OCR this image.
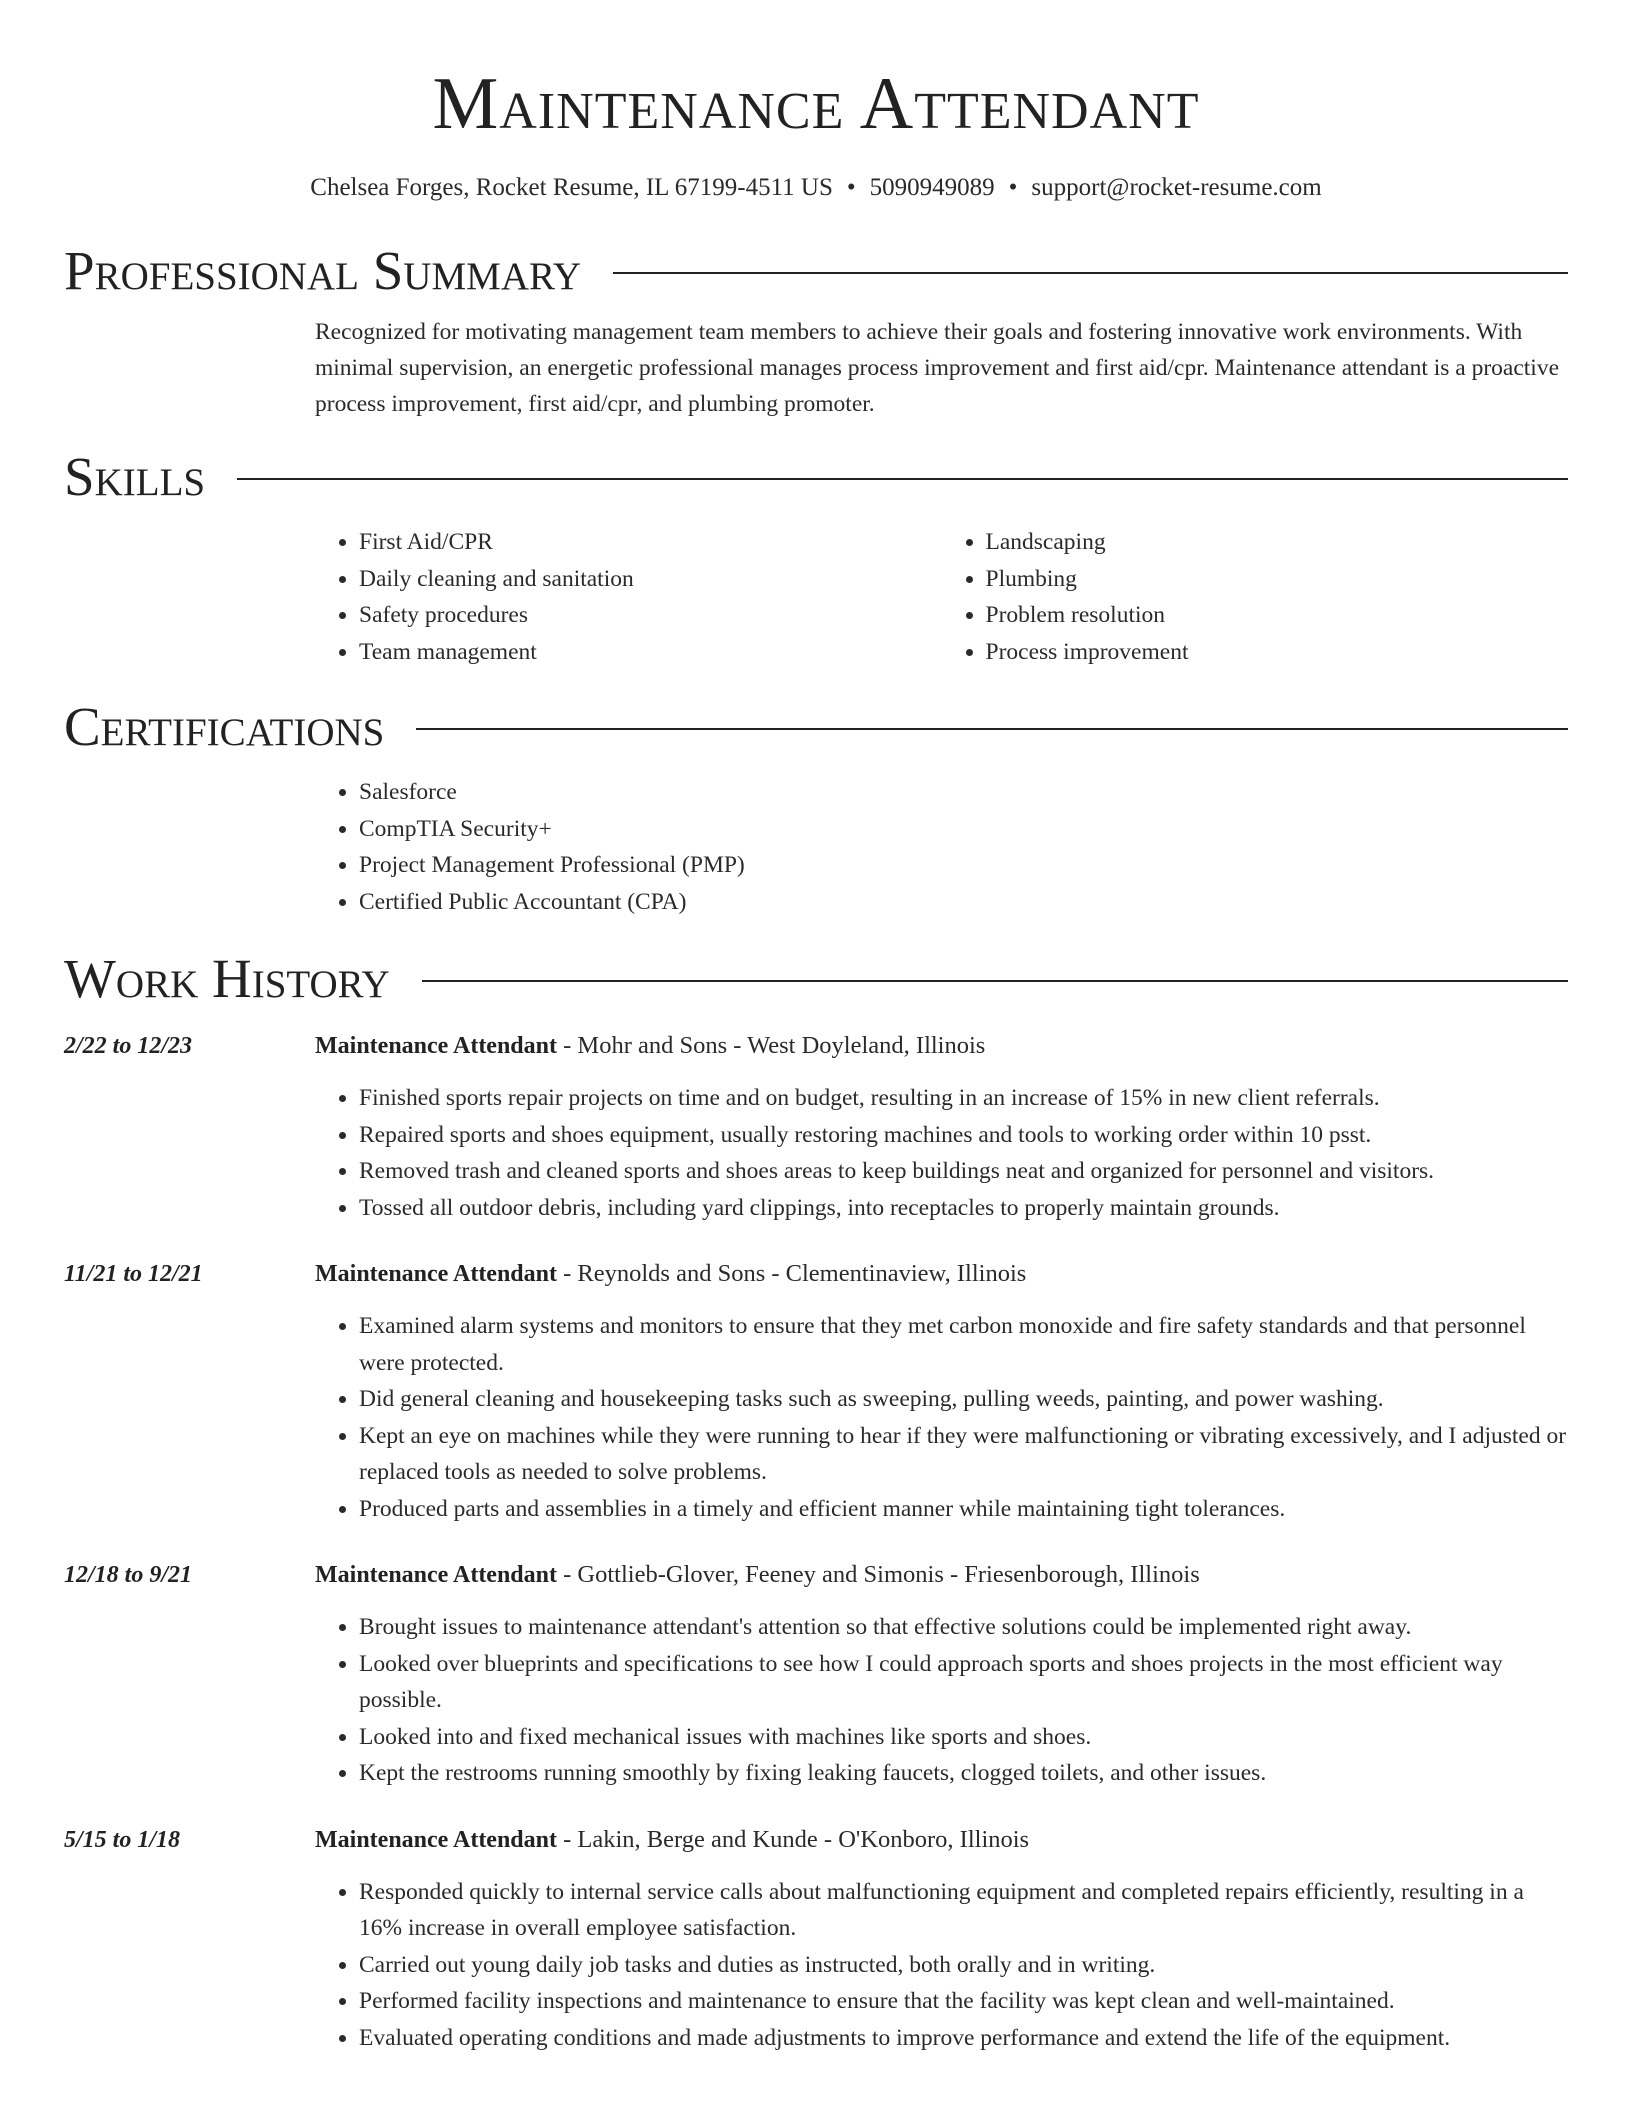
Maintenance Attendant
Chelsea Forges, Rocket Resume, IL 67199-4511 US • 5090949089 • support@rocket-resume.com
Professional Summary

Recognized for motivating management team members to achieve their goals and fostering innovative work environments. With minimal supervision, an energetic professional manages process improvement and first aid/cpr. Maintenance attendant is a proactive process improvement, first aid/cpr, and plumbing promoter.

Skills
• First Aid/CPR
• Daily cleaning and sanitation
• Safety procedures
• Team management
• Landscaping
• Plumbing
• Problem resolution
• Process improvement
Certifications
• Salesforce
• CompTIA Security+
• Project Management Professional (PMP)
• Certified Public Accountant (CPA)
Work History
2/22 to 12/23	Maintenance Attendant - Mohr and Sons - West Doyleland, Illinois
• Finished sports repair projects on time and on budget, resulting in an increase of 15% in new client referrals.
• Repaired sports and shoes equipment, usually restoring machines and tools to working order within 10 psst.
• Removed trash and cleaned sports and shoes areas to keep buildings neat and organized for personnel and visitors.
• Tossed all outdoor debris, including yard clippings, into receptacles to properly maintain grounds.
11/21 to 12/21	Maintenance Attendant - Reynolds and Sons - Clementinaview, Illinois
• Examined alarm systems and monitors to ensure that they met carbon monoxide and fire safety standards and that personnel were protected.
• Did general cleaning and housekeeping tasks such as sweeping, pulling weeds, painting, and power washing.
• Kept an eye on machines while they were running to hear if they were malfunctioning or vibrating excessively, and I adjusted or replaced tools as needed to solve problems.
• Produced parts and assemblies in a timely and efficient manner while maintaining tight tolerances.
12/18 to 9/21	Maintenance Attendant - Gottlieb-Glover, Feeney and Simonis - Friesenborough, Illinois
• Brought issues to maintenance attendant's attention so that effective solutions could be implemented right away.
• Looked over blueprints and specifications to see how I could approach sports and shoes projects in the most efficient way possible.
• Looked into and fixed mechanical issues with machines like sports and shoes.
• Kept the restrooms running smoothly by fixing leaking faucets, clogged toilets, and other issues.
5/15 to 1/18	Maintenance Attendant - Lakin, Berge and Kunde - O'Konboro, Illinois
• Responded quickly to internal service calls about malfunctioning equipment and completed repairs efficiently, resulting in a 16% increase in overall employee satisfaction.
• Carried out young daily job tasks and duties as instructed, both orally and in writing.
• Performed facility inspections and maintenance to ensure that the facility was kept clean and well-maintained.
• Evaluated operating conditions and made adjustments to improve performance and extend the life of the equipment.
